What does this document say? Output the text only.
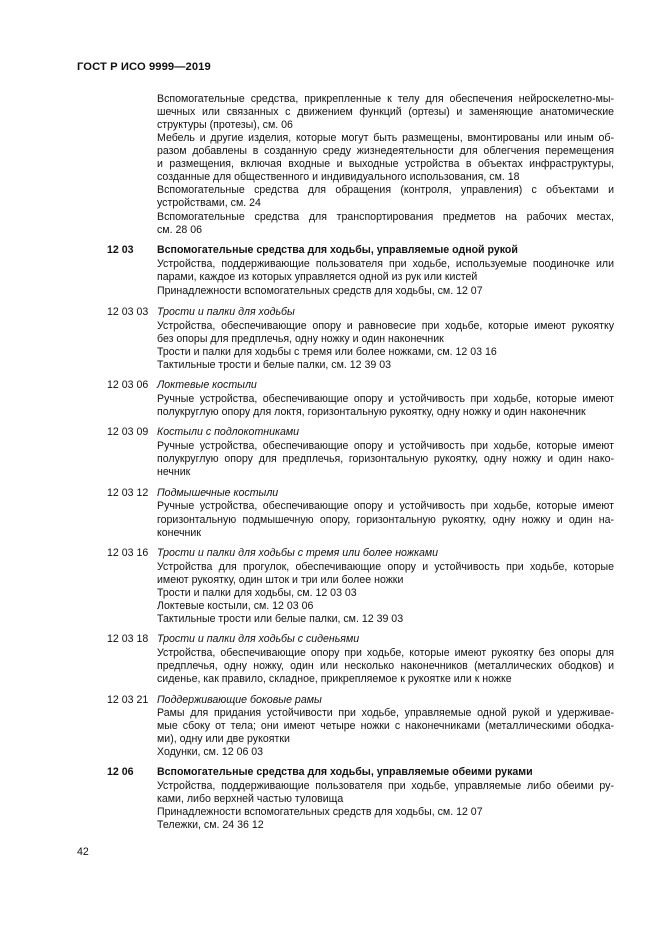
ГОСТ Р ИСО 9999—2019
Вспомогательные средства, прикрепленные к телу для обеспечения нейроскелетно-мы-
шечных или связанных с движением функций (ортезы) и заменяющие анатомические
структуры (протезы), см. 06
Мебель и другие изделия, которые могут быть размещены, вмонтированы или иным об-
разом добавлены в созданную среду жизнедеятельности для облегчения перемещения
и размещения, включая входные и выходные устройства в объектах инфраструктуры,
созданные для общественного и индивидуального использования, см. 18
Вспомогательные средства для обращения (контроля, управления) с объектами и
устройствами, см. 24
Вспомогательные средства для транспортирования предметов на рабочих местах,
см. 28 06
12 03 Вспомогательные средства для ходьбы, управляемые одной рукой
Устройства, поддерживающие пользователя при ходьбе, используемые поодиночке или
парами, каждое из которых управляется одной из рук или кистей
Принадлежности вспомогательных средств для ходьбы, см. 12 07
12 03 03 Трости и палки для ходьбы
Устройства, обеспечивающие опору и равновесие при ходьбе, которые имеют рукоятку
без опоры для предплечья, одну ножку и один наконечник
Трости и палки для ходьбы с тремя или более ножками, см. 12 03 16
Тактильные трости и белые палки, см. 12 39 03
12 03 06 Локтевые костыли
Ручные устройства, обеспечивающие опору и устойчивость при ходьбе, которые имеют
полукруглую опору для локтя, горизонтальную рукоятку, одну ножку и один наконечник
12 03 09 Костыли с подлокотниками
Ручные устройства, обеспечивающие опору и устойчивость при ходьбе, которые имеют
полукруглую опору для предплечья, горизонтальную рукоятку, одну ножку и один нако-
нечник
12 03 12 Подмышечные костыли
Ручные устройства, обеспечивающие опору и устойчивость при ходьбе, которые имеют
горизонтальную подмышечную опору, горизонтальную рукоятку, одну ножку и один на-
конечник
12 03 16 Трости и палки для ходьбы с тремя или более ножками
Устройства для прогулок, обеспечивающие опору и устойчивость при ходьбе, которые
имеют рукоятку, один шток и три или более ножки
Трости и палки для ходьбы, см. 12 03 03
Локтевые костыли, см. 12 03 06
Тактильные трости или белые палки, см. 12 39 03
12 03 18 Трости и палки для ходьбы с сиденьями
Устройства, обеспечивающие опору при ходьбе, которые имеют рукоятку без опоры для
предплечья, одну ножку, один или несколько наконечников (металлических ободков) и
сиденье, как правило, складное, прикрепляемое к рукоятке или к ножке
12 03 21 Поддерживающие боковые рамы
Рамы для придания устойчивости при ходьбе, управляемые одной рукой и удерживае-
мые сбоку от тела; они имеют четыре ножки с наконечниками (металлическими ободка-
ми), одну или две рукоятки
Ходунки, см. 12 06 03
12 06 Вспомогательные средства для ходьбы, управляемые обеими руками
Устройства, поддерживающие пользователя при ходьбе, управляемые либо обеими ру-
ками, либо верхней частью туловища
Принадлежности вспомогательных средств для ходьбы, см. 12 07
Тележки, см. 24 36 12
42
